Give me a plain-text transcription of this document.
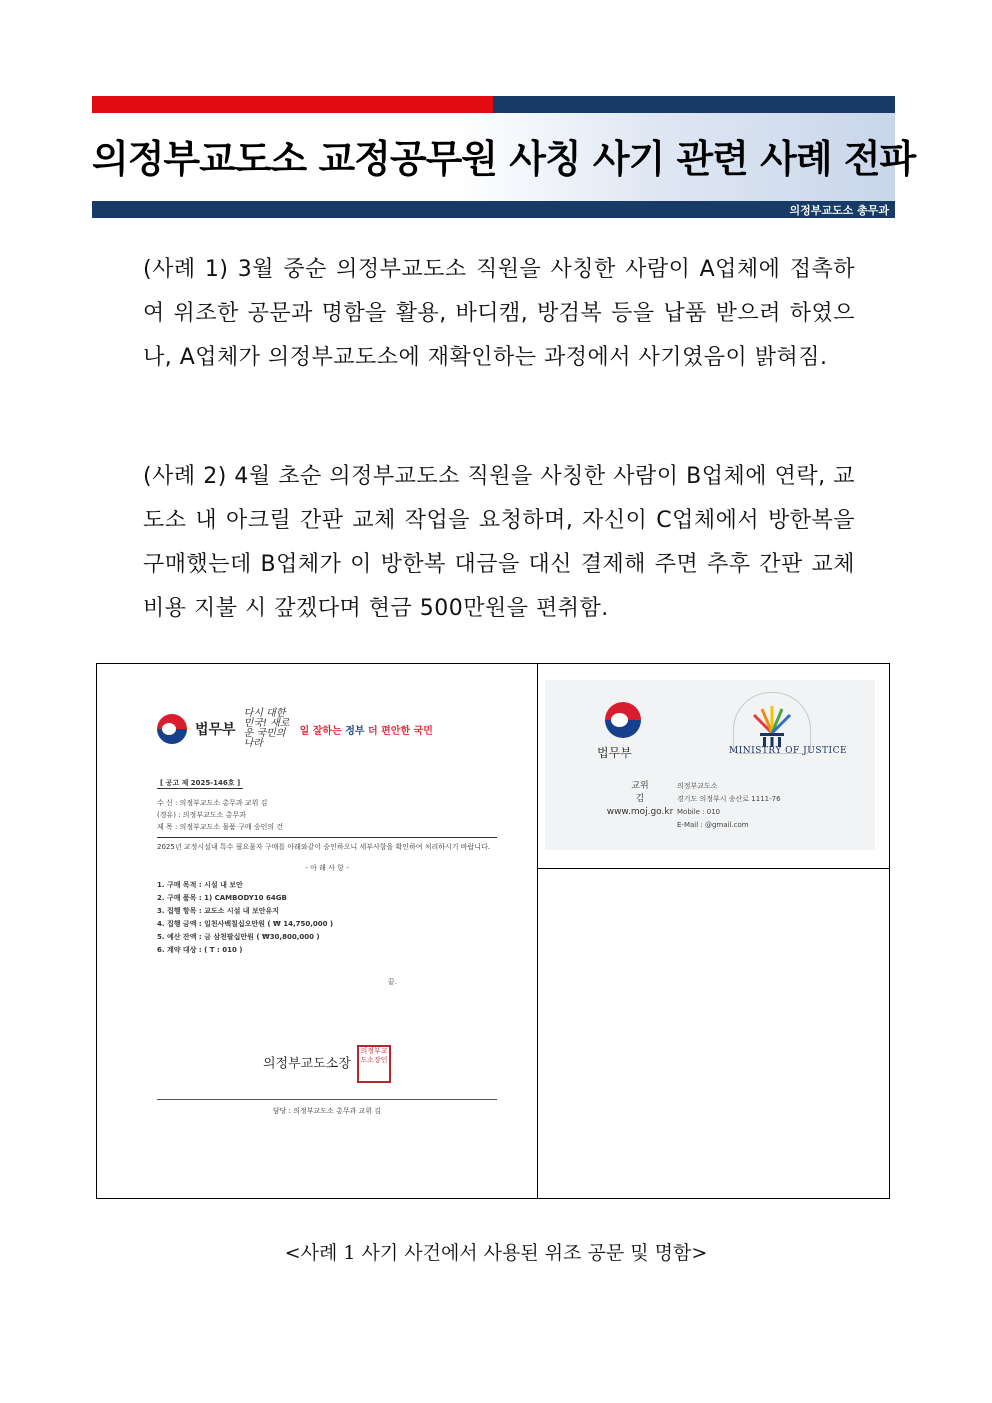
의정부교도소 교정공무원 사칭 사기 관련 사례 전파
의정부교도소 총무과
(사례 1) 3월 중순 의정부교도소 직원을 사칭한 사람이 A업체에 접촉하여 위조한 공문과 명함을 활용, 바디캠, 방검복 등을 납품 받으려 하였으나, A업체가 의정부교도소에 재확인하는 과정에서 사기였음이 밝혀짐.
(사례 2) 4월 초순 의정부교도소 직원을 사칭한 사람이 B업체에 연락, 교도소 내 아크릴 간판 교체 작업을 요청하며, 자신이 C업체에서 방한복을 구매했는데 B업체가 이 방한복 대금을 대신 결제해 주면 추후 간판 교체 비용 지불 시 갚겠다며 현금 500만원을 편취함.
법무부
다시 대한민국! 새로운 국민의 나라
일 잘하는 정부 더 편안한 국민
[ 공고 제 2025-146호 ]
수 신 : 의정부교도소 총무과 교위 김
(경유) : 의정부교도소 총무과
제 목 : 의정부교도소 물품 구매 승인의 건
2025년 교정시설내 특수 필요물자 구매를 아래와같이 승인하오니 세부사항을 확인하여 처리하시기 바랍니다.
- 아 래 사 항 -
1. 구매 목적 : 시설 내 보안
2. 구매 품목 : 1) CAMBODY10 64GB
3. 집행 항목 : 교도소 시설 내 보안유지
4. 집행 금액 : 일천사백칠십오만원 ( ₩ 14,750,000 )
5. 예산 잔액 : 금 삼천팔십만원 ( ₩30,800,000 )
6. 계약 대상 : ( T : 010 )
끝.
의정부교도소장 의정부교도소장인
담당 : 의정부교도소 총무과 교위 김
법무부	MINISTRY OF JUSTICE
교위
김
www.moj.go.kr
의정부교도소
경기도 의정부시 송산로 1111-76
Mobile : 010
E-Mail : @gmail.com
<사례 1 사기 사건에서 사용된 위조 공문 및 명함>
